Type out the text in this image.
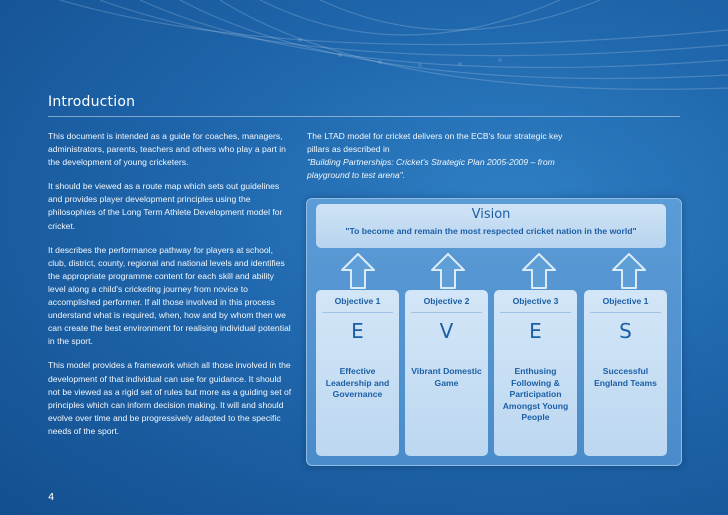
Introduction

This document is intended as a guide for coaches, managers, administrators, parents, teachers and others who play a part in the development of young cricketers.

It should be viewed as a route map which sets out guidelines and provides player development principles using the philosophies of the Long Term Athlete Development model for cricket.

It describes the performance pathway for players at school, club, district, county, regional and national levels and identifies the appropriate programme content for each skill and ability level along a child's cricketing journey from novice to accomplished performer. If all those involved in this process understand what is required, when, how and by whom then we can create the best environment for realising individual potential in the sport.

This model provides a framework which all those involved in the development of that individual can use for guidance. It should not be viewed as a rigid set of rules but more as a guiding set of principles which can inform decision making. It will and should evolve over time and be progressively adapted to the specific needs of the sport.

The LTAD model for cricket delivers on the ECB's four strategic key pillars as described in

"Building Partnerships: Cricket's Strategic Plan 2005-2009 – from playground to test arena".

Vision
"To become and remain the most respected cricket nation in the world"
Objective 1
E
Effective Leadership and Governance
Objective 2
V
Vibrant Domestic Game
Objective 3
E
Enthusing Following & Participation Amongst Young People
Objective 1
S
Successful England Teams
4
